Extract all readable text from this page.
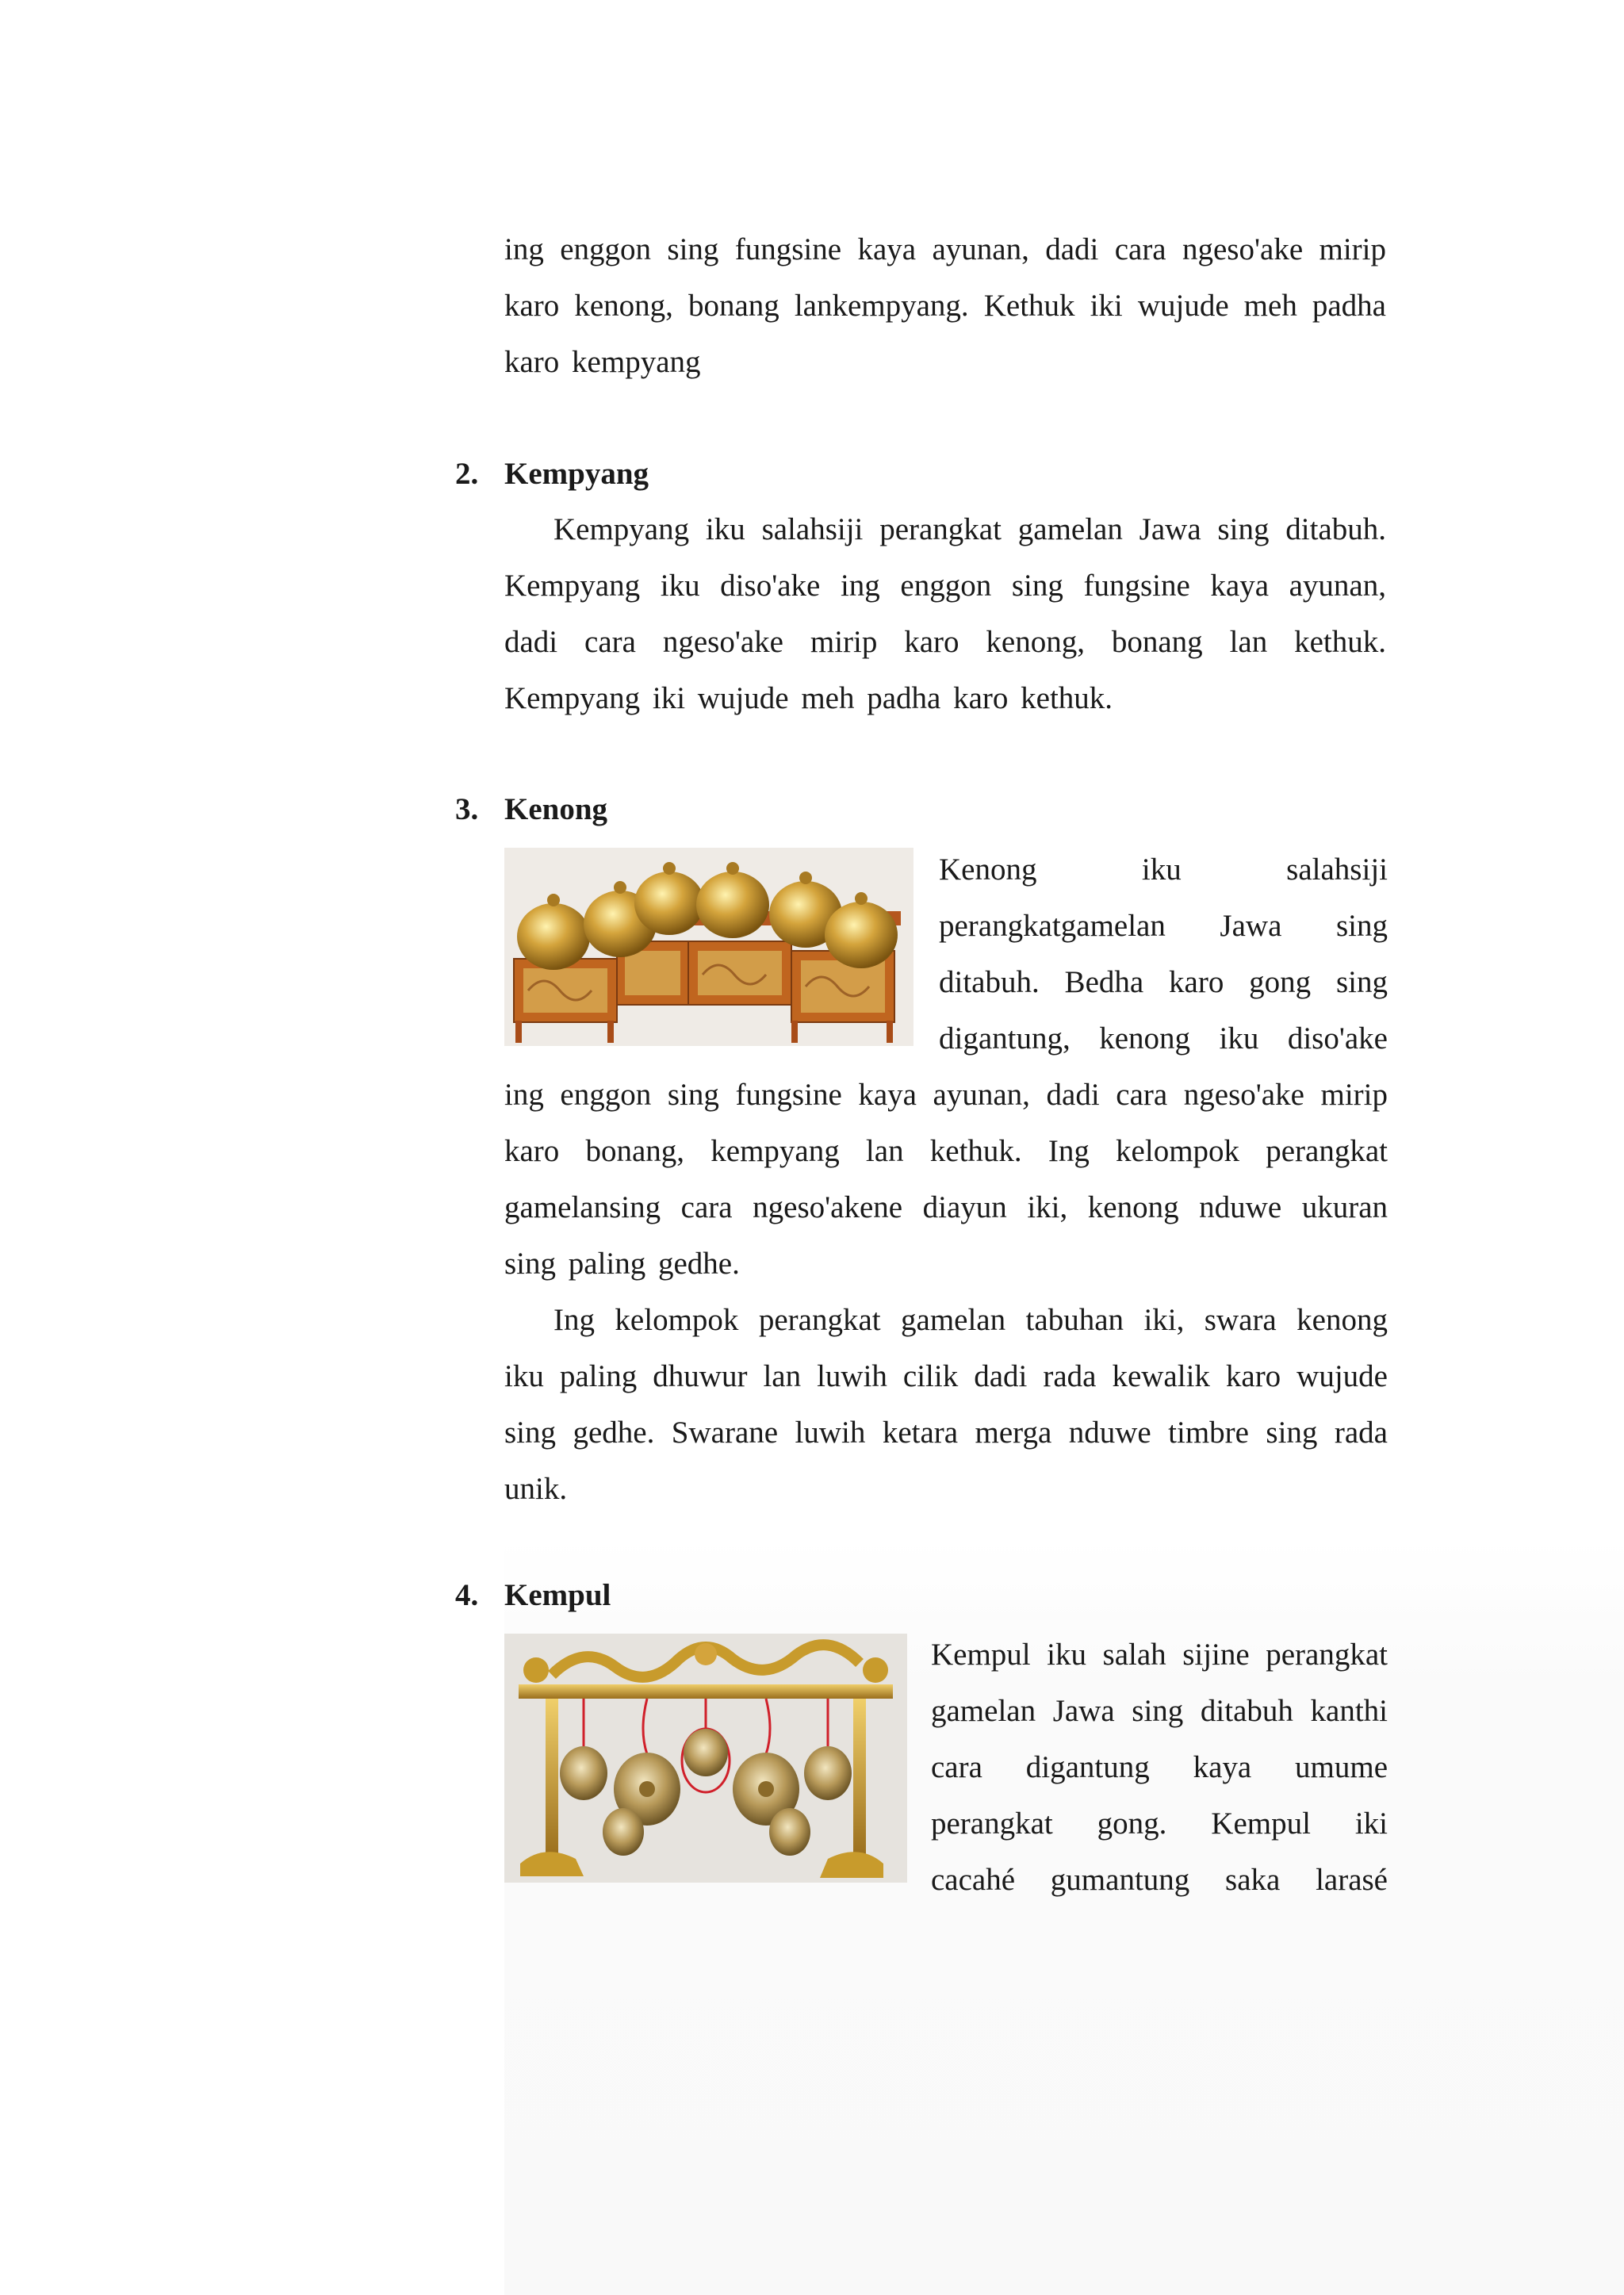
ing enggon sing fungsine kaya ayunan, dadi cara ngeso'ake mirip

karo kenong, bonang lankempyang. Kethuk iki wujude meh padha

karo kempyang

2. Kempyang

Kempyang iku salahsiji perangkat gamelan Jawa sing ditabuh.

Kempyang iku diso'ake ing enggon sing fungsine kaya ayunan,

dadi cara ngeso'ake mirip karo kenong, bonang lan kethuk.

Kempyang iki wujude meh padha karo kethuk.

3. Kenong

Kenong iku salahsiji

perangkatgamelan Jawa sing

ditabuh. Bedha karo gong sing

digantung, kenong iku diso'ake

ing enggon sing fungsine kaya ayunan, dadi cara ngeso'ake mirip

karo bonang, kempyang lan kethuk. Ing kelompok perangkat

gamelansing cara ngeso'akene diayun iki, kenong nduwe ukuran

sing paling gedhe.

Ing kelompok perangkat gamelan tabuhan iki, swara kenong

iku paling dhuwur lan luwih cilik dadi rada kewalik karo wujude

sing gedhe. Swarane luwih ketara merga nduwe timbre sing rada

unik.

4. Kempul

Kempul iku salah sijine perangkat

gamelan Jawa sing ditabuh kanthi

cara digantung kaya umume

perangkat gong. Kempul iki

cacahé gumantung saka larasé
